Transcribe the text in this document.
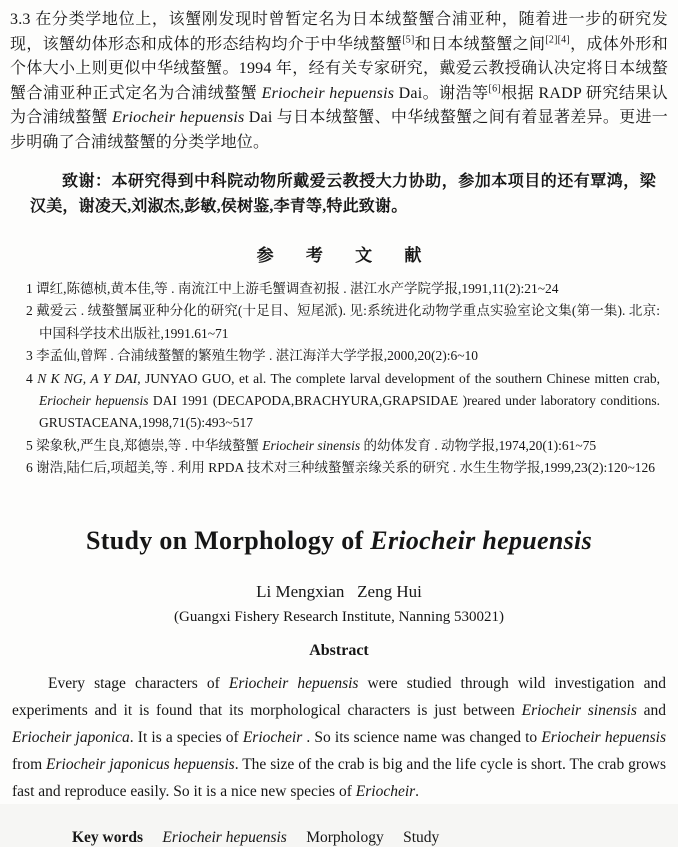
3.3 在分类学地位上，该蟹刚发现时曾暂定名为日本绒螯蟹合浦亚种，随着进一步的研究发现，该蟹幼体形态和成体的形态结构均介于中华绒螯蟹[5]和日本绒螯蟹之间[2][4]，成体外形和个体大小上则更似中华绒螯蟹。1994 年，经有关专家研究，戴爱云教授确认决定将日本绒螯蟹合浦亚种正式定名为合浦绒螯蟹 Eriocheir hepuensis Dai。谢浩等[6]根据 RADP 研究结果认为合浦绒螯蟹 Eriocheir hepuensis Dai 与日本绒螯蟹、中华绒螯蟹之间有着显著差异。更进一步明确了合浦绒螯蟹的分类学地位。

致谢：本研究得到中科院动物所戴爱云教授大力协助，参加本项目的还有覃鸿，梁汉美，谢凌天,刘淑杰,彭敏,侯树鉴,李青等,特此致谢。

参 考 文 献

1 谭红,陈德桢,黄本佳,等 . 南流江中上游毛蟹调查初报 . 湛江水产学院学报,1991,11(2):21~24

2 戴爱云 . 绒螯蟹属亚种分化的研究(十足目、短尾派). 见:系统进化动物学重点实验室论文集(第一集). 北京:中国科学技术出版社,1991.61~71

3 李孟仙,曾辉 . 合浦绒螯蟹的繁殖生物学 . 湛江海洋大学学报,2000,20(2):6~10

4 N K NG, A Y DAI, JUNYAO GUO, et al. The complete larval development of the southern Chinese mitten crab, Eriocheir hepuensis DAI 1991 (DECAPODA,BRACHYURA,GRAPSIDAE )reared under laboratory conditions. GRUSTACEANA,1998,71(5):493~517

5 梁象秋,严生良,郑德崇,等 . 中华绒螯蟹 Eriocheir sinensis 的幼体发育 . 动物学报,1974,20(1):61~75

6 谢浩,陆仁后,项超美,等 . 利用 RPDA 技术对三种绒螯蟹亲缘关系的研究 . 水生生物学报,1999,23(2):120~126

Study on Morphology of Eriocheir hepuensis

Li Mengxian   Zeng Hui

(Guangxi Fishery Research Institute, Nanning 530021)

Abstract

Every stage characters of Eriocheir hepuensis were studied through wild investigation and experiments and it is found that its morphological characters is just between Eriocheir sinensis and Eriocheir japonica. It is a species of Eriocheir . So its science name was changed to Eriocheir hepuensis from Eriocheir japonicus hepuensis. The size of the crab is big and the life cycle is short. The crab grows fast and reproduce easily. So it is a nice new species of Eriocheir.

Key words Eriocheir hepuensis     Morphology     Study
